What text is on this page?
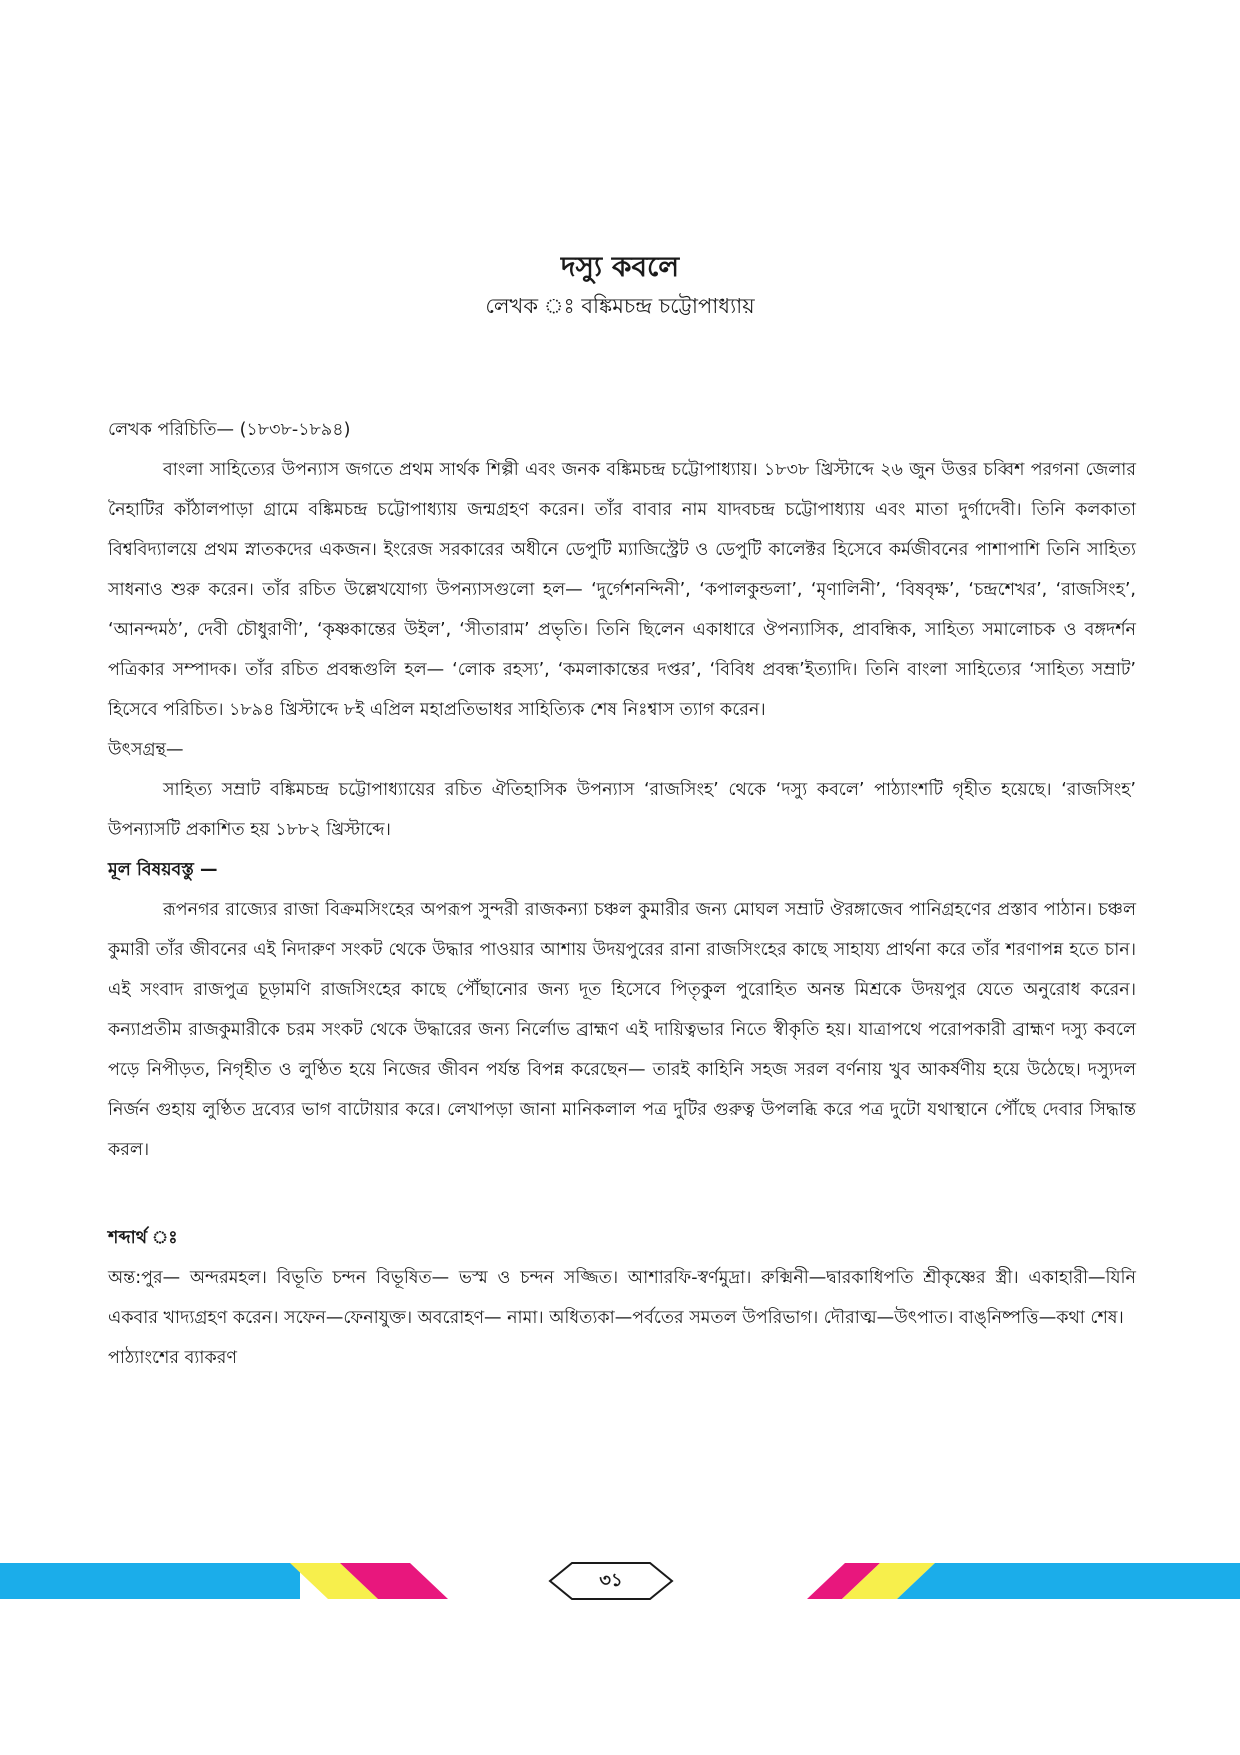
দস্যু কবলে

লেখক ঃ বঙ্কিমচন্দ্র চট্টোপাধ্যায়

লেখক পরিচিতি— (১৮৩৮-১৮৯৪)

বাংলা সাহিত্যের উপন্যাস জগতে প্রথম সার্থক শিল্পী এবং জনক বঙ্কিমচন্দ্র চট্টোপাধ্যায়। ১৮৩৮ খ্রিস্টাব্দে ২৬ জুন উত্তর চব্বিশ পরগনা জেলার নৈহাটির কাঁঠালপাড়া গ্রামে বঙ্কিমচন্দ্র চট্টোপাধ্যায় জন্মগ্রহণ করেন। তাঁর বাবার নাম যাদবচন্দ্র চট্টোপাধ্যায় এবং মাতা দুর্গাদেবী। তিনি কলকাতা বিশ্ববিদ্যালয়ে প্রথম স্নাতকদের একজন। ইংরেজ সরকারের অধীনে ডেপুটি ম্যাজিস্ট্রেট ও ডেপুটি কালেক্টর হিসেবে কর্মজীবনের পাশাপাশি তিনি সাহিত্য সাধনাও শুরু করেন। তাঁর রচিত উল্লেখযোগ্য উপন্যাসগুলো হল— ‘দুর্গেশনন্দিনী’, ‘কপালকুন্ডলা’, ‘মৃণালিনী’, ‘বিষবৃক্ষ’, ‘চন্দ্রশেখর’, ‘রাজসিংহ’, ‘আনন্দমঠ’, দেবী চৌধুরাণী’, ‘কৃষ্ণকান্তের উইল’, ‘সীতারাম’ প্রভৃতি। তিনি ছিলেন একাধারে ঔপন্যাসিক, প্রাবন্ধিক, সাহিত্য সমালোচক ও বঙ্গদর্শন পত্রিকার সম্পাদক। তাঁর রচিত প্রবন্ধগুলি হল— ‘লোক রহস্য’, ‘কমলাকান্তের দপ্তর’, ‘বিবিধ প্রবন্ধ’ইত্যাদি। তিনি বাংলা সাহিত্যের ‘সাহিত্য সম্রাট’ হিসেবে পরিচিত। ১৮৯৪ খ্রিস্টাব্দে ৮ই এপ্রিল মহাপ্রতিভাধর সাহিত্যিক শেষ নিঃশ্বাস ত্যাগ করেন।

উৎসগ্রন্থ—

সাহিত্য সম্রাট বঙ্কিমচন্দ্র চট্টোপাধ্যায়ের রচিত ঐতিহাসিক উপন্যাস ‘রাজসিংহ’ থেকে ‘দস্যু কবলে’ পাঠ্যাংশটি গৃহীত হয়েছে। ‘রাজসিংহ’ উপন্যাসটি প্রকাশিত হয় ১৮৮২ খ্রিস্টাব্দে।

মূল বিষয়বস্তু —

রূপনগর রাজ্যের রাজা বিক্রমসিংহের অপরূপ সুন্দরী রাজকন্যা চঞ্চল কুমারীর জন্য মোঘল সম্রাট ঔরঙ্গাজেব পানিগ্রহণের প্রস্তাব পাঠান। চঞ্চল কুমারী তাঁর জীবনের এই নিদারুণ সংকট থেকে উদ্ধার পাওয়ার আশায় উদয়পুরের রানা রাজসিংহের কাছে সাহায্য প্রার্থনা করে তাঁর শরণাপন্ন হতে চান। এই সংবাদ রাজপুত্র চূড়ামণি রাজসিংহের কাছে পৌঁছানোর জন্য দূত হিসেবে পিতৃকুল পুরোহিত অনন্ত মিশ্রকে উদয়পুর যেতে অনুরোধ করেন। কন্যাপ্রতীম রাজকুমারীকে চরম সংকট থেকে উদ্ধারের জন্য নির্লোভ ব্রাহ্মণ এই দায়িত্বভার নিতে স্বীকৃতি হয়। যাত্রাপথে পরোপকারী ব্রাহ্মণ দস্যু কবলে পড়ে নিপীড়ত, নিগৃহীত ও লুণ্ঠিত হয়ে নিজের জীবন পর্যন্ত বিপন্ন করেছেন— তারই কাহিনি সহজ সরল বর্ণনায় খুব আকর্ষণীয় হয়ে উঠেছে। দস্যুদল নির্জন গুহায় লুণ্ঠিত দ্রব্যের ভাগ বাটোয়ার করে। লেখাপড়া জানা মানিকলাল পত্র দুটির গুরুত্ব উপলব্ধি করে পত্র দুটো যথাস্থানে পৌঁছে দেবার সিদ্ধান্ত করল।

শব্দার্থ ঃ

অন্ত:পুর— অন্দরমহল। বিভূতি চন্দন বিভূষিত— ভস্ম ও চন্দন সজ্জিত। আশারফি-স্বর্ণমুদ্রা। রুক্মিনী—দ্বারকাধিপতি শ্রীকৃষ্ণের স্ত্রী। একাহারী—যিনি একবার খাদ্যগ্রহণ করেন। সফেন—ফেনাযুক্ত। অবরোহণ— নামা। অধিত্যকা—পর্বতের সমতল উপরিভাগ। দৌরাত্ম—উৎপাত। বাঙ্‌নিষ্পত্তি—কথা শেষ।

পাঠ্যাংশের ব্যাকরণ

৩১
